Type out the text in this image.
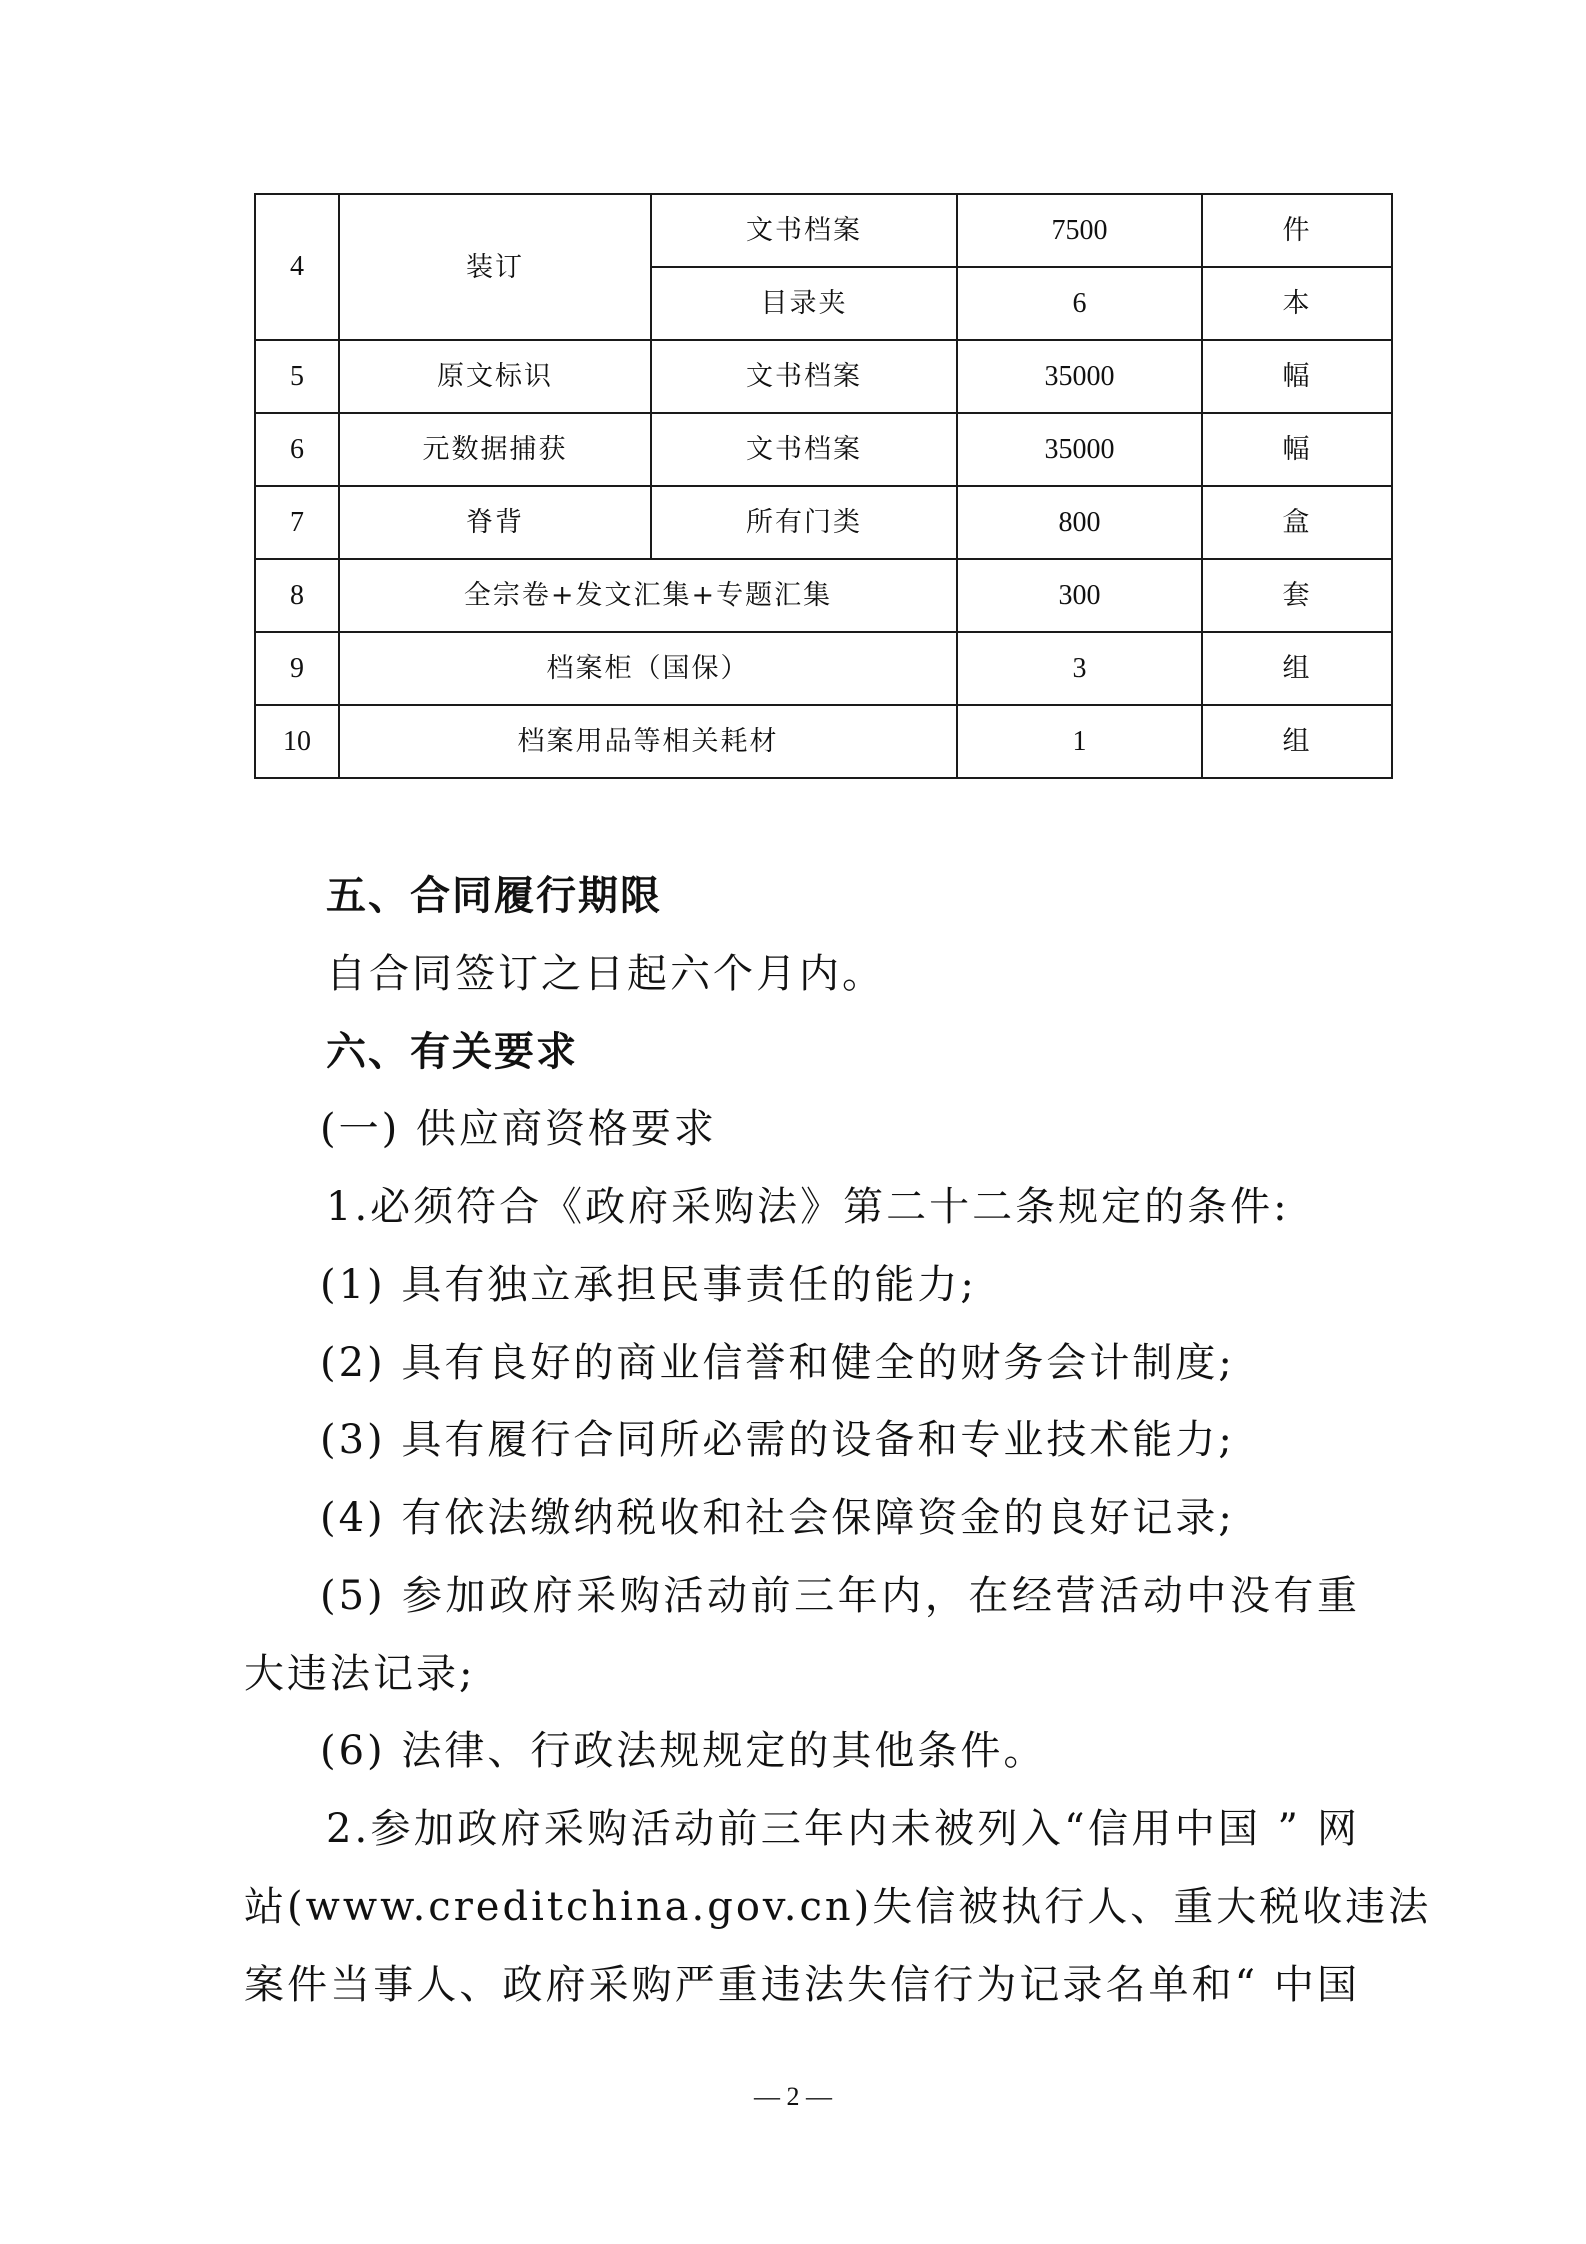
4	装订	文书档案	7500	件
		目录夹	6	本
5	原文标识	文书档案	35000	幅
6	元数据捕获	文书档案	35000	幅
7	脊背	所有门类	800	盒
8	全宗卷+发文汇集+专题汇集		300	套
9	档案柜（国保）		3	组
10	档案用品等相关耗材		1	组
五、合同履行期限
自合同签订之日起六个月内。
六、有关要求
(一) 供应商资格要求
1.必须符合《政府采购法》第二十二条规定的条件:
(1) 具有独立承担民事责任的能力;
(2) 具有良好的商业信誉和健全的财务会计制度;
(3) 具有履行合同所必需的设备和专业技术能力;
(4) 有依法缴纳税收和社会保障资金的良好记录;
(5) 参加政府采购活动前三年内，在经营活动中没有重
大违法记录;
(6) 法律、行政法规规定的其他条件。
2.参加政府采购活动前三年内未被列入“信用中国 ” 网
站(www.creditchina.gov.cn)失信被执行人、重大税收违法
案件当事人、政府采购严重违法失信行为记录名单和“ 中国
— 2 —
